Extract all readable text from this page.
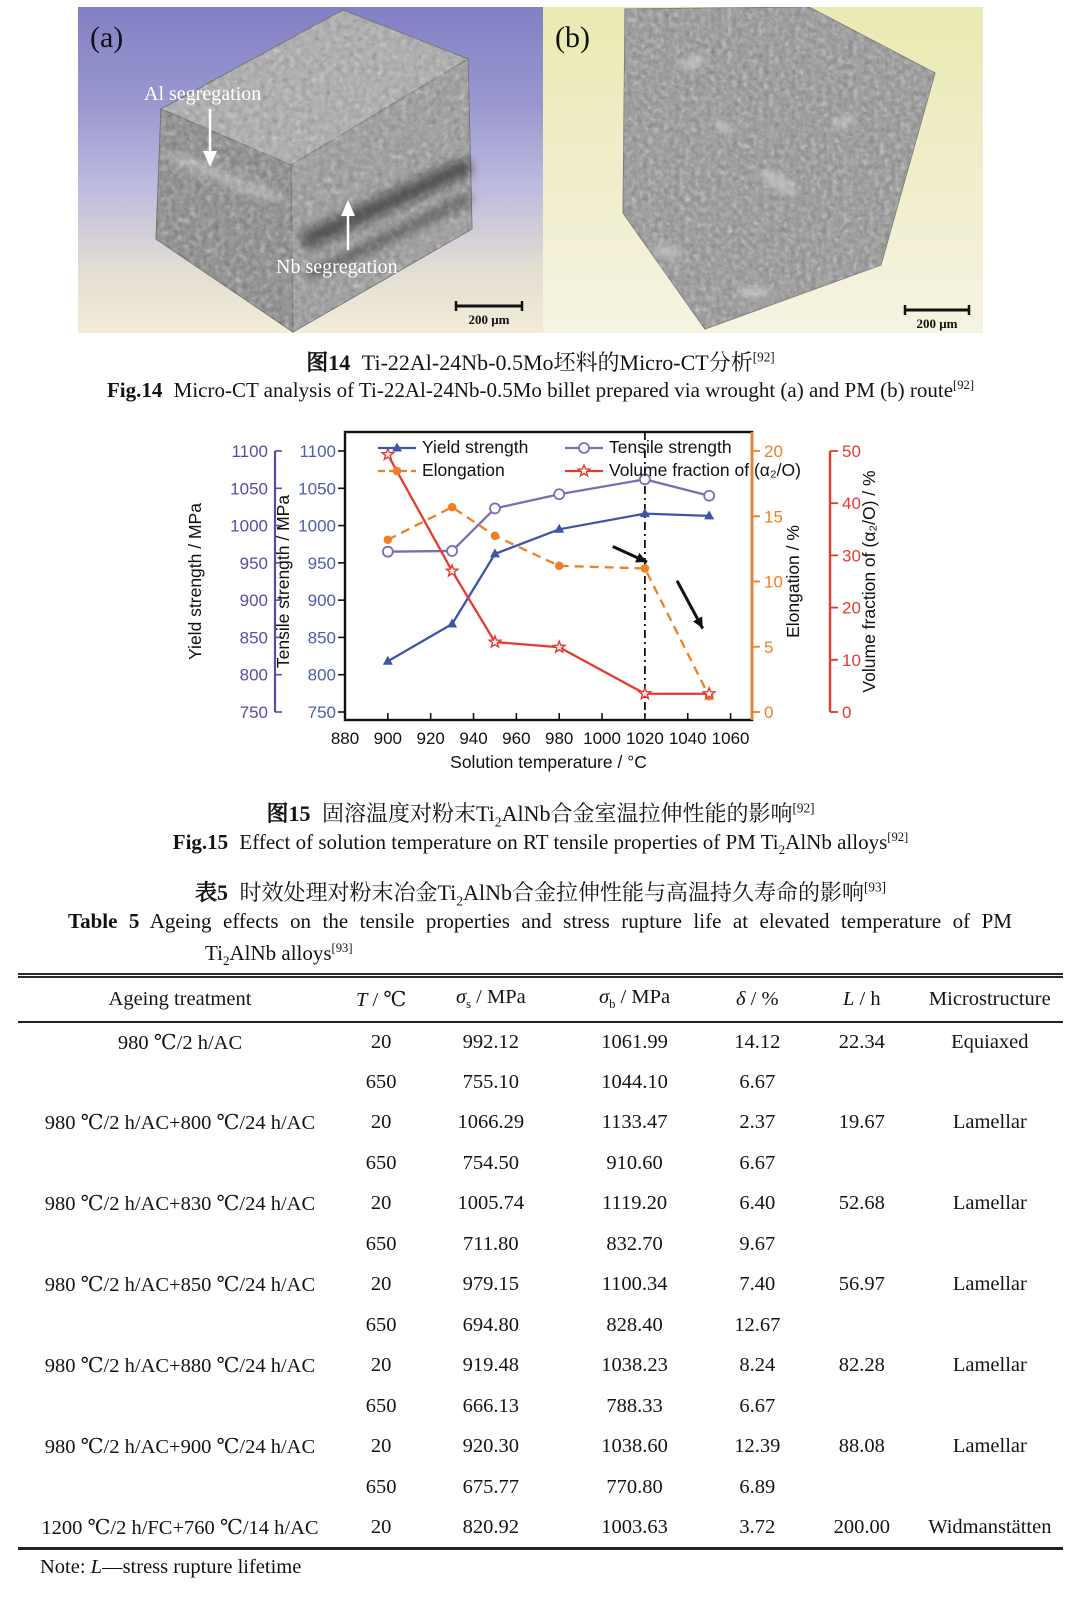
(a)
Al segregation
Nb segregation
200 μm
(b)
200 μm

图14 Ti-22Al-24Nb-0.5Mo坯料的Micro-CT分析[92]

Fig.14 Micro-CT analysis of Ti-22Al-24Nb-0.5Mo billet prepared via wrought (a) and PM (b) route[92]

880 900 920 940 960 980 1000 1020 1040 1060
Solution temperature / °C
750
800
850
900
950
1000
1050
1100
750
800
850
900
950
1000
1050
1100
0
5
10
15
20
0
10
20
30
40
50
Yield strength / MPa	Tensile strength / MPa	Elongation / %	Volume fraction of (α₂/O) / %
Yield strength	Tensile strength
Elongation	Volume fraction of (α₂/O)

图15 固溶温度对粉末$Ti_2AlNb$合金室温拉伸性能的影响[92]

Fig.15 Effect of solution temperature on RT tensile properties of PM $Ti_2AlNb$ alloys[92]

表5 时效处理对粉末冶金$Ti_2AlNb$合金拉伸性能与高温持久寿命的影响[93]

Table 5 Ageing effects on the tensile properties and stress rupture life at elevated temperature of PM

$Ti_2AlNb$ alloys[93]

Ageing treatment	T / ℃	$\sigma_s$ / MPa	$\sigma_b$ / MPa	δ / %	L / h	Microstructure
980 ℃/2 h/AC	20	992.12	1061.99	14.12	22.34	Equiaxed
	650	755.10	1044.10	6.67		
980 ℃/2 h/AC+800 ℃/24 h/AC	20	1066.29	1133.47	2.37	19.67	Lamellar
	650	754.50	910.60	6.67		
980 ℃/2 h/AC+830 ℃/24 h/AC	20	1005.74	1119.20	6.40	52.68	Lamellar
	650	711.80	832.70	9.67		
980 ℃/2 h/AC+850 ℃/24 h/AC	20	979.15	1100.34	7.40	56.97	Lamellar
	650	694.80	828.40	12.67		
980 ℃/2 h/AC+880 ℃/24 h/AC	20	919.48	1038.23	8.24	82.28	Lamellar
	650	666.13	788.33	6.67		
980 ℃/2 h/AC+900 ℃/24 h/AC	20	920.30	1038.60	12.39	88.08	Lamellar
	650	675.77	770.80	6.89		
1200 ℃/2 h/FC+760 ℃/14 h/AC	20	820.92	1003.63	3.72	200.00	Widmanstätten

Note: L—stress rupture lifetime
